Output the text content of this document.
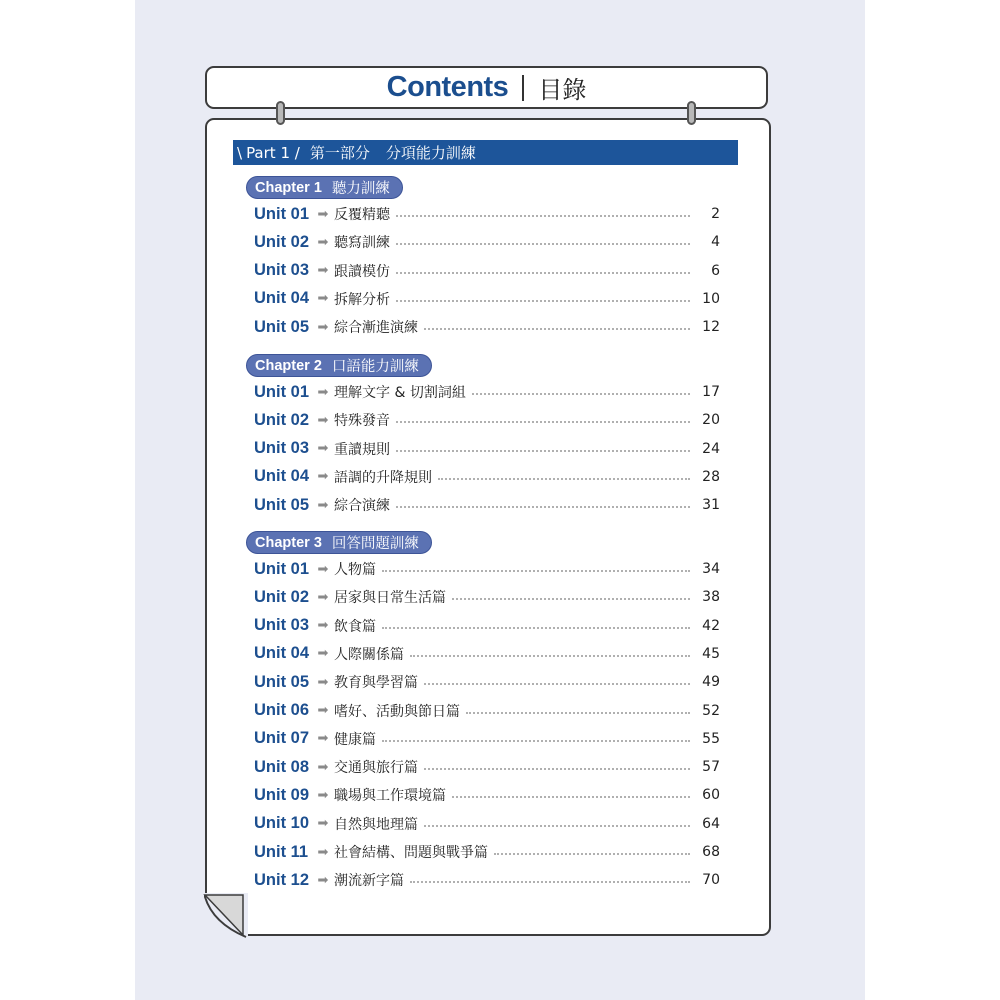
Contents 目錄
\ Part 1 / 第一部分 分項能力訓練
Chapter 1 聽力訓練
Unit 01 ➡ 反覆精聽	2
Unit 02 ➡ 聽寫訓練	4
Unit 03 ➡ 跟讀模仿	6
Unit 04 ➡ 拆解分析	10
Unit 05 ➡ 綜合漸進演練	12
Chapter 2 口語能力訓練
Unit 01 ➡ 理解文字 & 切割詞組	17
Unit 02 ➡ 特殊發音	20
Unit 03 ➡ 重讀規則	24
Unit 04 ➡ 語調的升降規則	28
Unit 05 ➡ 綜合演練	31
Chapter 3 回答問題訓練
Unit 01 ➡ 人物篇	34
Unit 02 ➡ 居家與日常生活篇	38
Unit 03 ➡ 飲食篇	42
Unit 04 ➡ 人際關係篇	45
Unit 05 ➡ 教育與學習篇	49
Unit 06 ➡ 嗜好、活動與節日篇	52
Unit 07 ➡ 健康篇	55
Unit 08 ➡ 交通與旅行篇	57
Unit 09 ➡ 職場與工作環境篇	60
Unit 10 ➡ 自然與地理篇	64
Unit 11 ➡ 社會結構、問題與戰爭篇	68
Unit 12 ➡ 潮流新字篇	70
